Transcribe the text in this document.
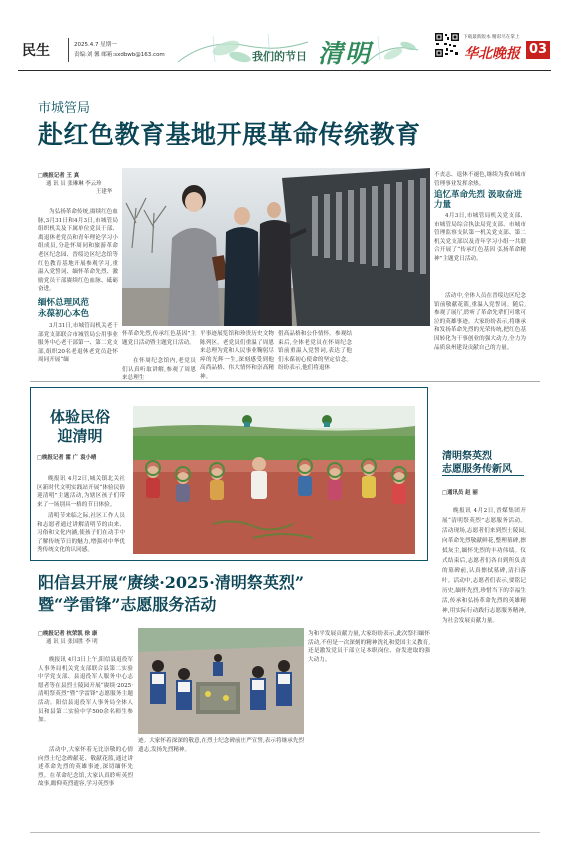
民生	2025.4.7 星期一
责编:刘 馨 邮箱:sxdbwb@163.com	我们的节日 清明
下载最新版本 精彩尽在掌上
华北晚报 03
市城管局
赴红色教育基地开展革命传统教育
□晚报记者 王 真
通 讯 员 张琳琳 李云珍
王建华
为弘扬革命传统,赓续红色血脉,3月31日和4月3日,市城管局组织机关及下属单位党员干部、离退休老党员和青年理论学习小组成员,分赴怀周同和旅游革命老区纪念园、晋绥边区纪念馆等红色教育基地开展参观学习,重温入党誓词、缅怀革命先烈、激励党员干部赓续红色血脉、砥砺奋进。
缅怀总理风范
永葆初心本色
3月31日,市城管局机关老干部党支部联合市城管局公用事业服务中心老干部第一、第二党支部,组织20名老退休老党员赴怀周同开展“缅
怀革命先烈,传承红色基因”主题党日活动暨主题党日活动。
在怀周纪念馆内,老党员们认真听取讲解,参观了周恩来总理生
平事迹展览馆和珍贵历史文物陈列区。老党员们重温了周恩来总理为党和人民事业鞠躬尽瘁的光辉一生,深刻感受到他高尚品格、伟大情怀和崇高精神。
借高品格和公仆情怀。参观结束后,全体老党员在怀周纪念馆前重温入党誓词,表达了他们永葆初心使命的坚定信念。纷纷表示,他们将退休
不丧志、退休不褪色,继续为我市城市管理事业发挥余热。
追忆革命先烈 汲取奋进力量
4月3日,市城管局机关党支部、市城管局综合执法局党支部、市城市管理监察支队第一机关党支部、第二机关党支部以及青年学习小组一共联合开展了“传承红色基因 弘扬革命精神”主题党日活动。
活动中,全体人员在晋绥边区纪念馆前敬献花篮,重温入党誓词。随后,参观了展厅,聆听了革命先辈们可歌可泣的英雄事迹。大家纷纷表示,将继承和发扬革命先烈的光荣传统,把红色基因转化为干事创业的强大动力,全力为品质泉州建设贡献自己的力量。
体验民俗
迎清明
□晚报记者 霍 广 袁小晴
晚报讯 4月2日,城关镇北关社区新时代文明实践站开展“体验民俗迎清明”主题活动,为辖区孩子们带来了一场别具一格的节日体验。
清明节来临之际,社区工作人员和志愿者通过讲解清明节的由来、习俗和文化内涵,使孩子们在动手中了解传统节日的魅力,增强对中华优秀传统文化的认同感。
清明祭英烈
志愿服务传新风
□通讯员 赵 丽
晚报讯 4月2日,晋煤集团开展“清明祭英烈”志愿服务活动。活动现场,志愿者们来到烈士陵园,向革命先烈敬献鲜花,整理墓碑,擦拭灰尘,缅怀先烈的丰功伟绩。仪式结束后,志愿者们各自到所负责的墓碑前,认真擦拭墓碑,清扫落叶。活动中,志愿者们表示,要铭记历史,缅怀先烈,珍惜当下的幸福生活,传承和弘扬革命先烈的英雄精神,用实际行动践行志愿服务精神,为社会发展贡献力量。
阳信县开展“赓续·2025·清明祭英烈”
暨“学雷锋”志愿服务活动
□晚报记者 杭荣凯 徐 康
通 讯 员 张国胜 李 明
晚报讯 4月3日上午,阳信县退役军人事务局机关党支部联合县第二实验中学党支部、县退役军人服务中心志愿者等在县烈士陵园开展“赓续·2025·清明祭英烈”暨“学雷锋”志愿服务主题活动。阳信县退役军人事务局全体人员和县第二实验中学500余名师生参加。
活动中,大家怀着无比崇敬的心情向烈士纪念碑献花、敬献花篮,通过讲述革命先烈的英雄事迹,深切缅怀先烈。在革命纪念馆,大家认真聆听英烈故事,瞻仰英烈遗容,学习英烈事
迹。大家怀着深深的敬意,在烈士纪念碑前庄严宣誓,表示将继承先烈遗志,发扬先烈精神。
为和平发展贡献力量,大家纷纷表示,此次祭扫缅怀活动,不但是一次深刻的精神洗礼和爱国主义教育,还是激发党员干部立足本职岗位、奋发进取的强大动力。
